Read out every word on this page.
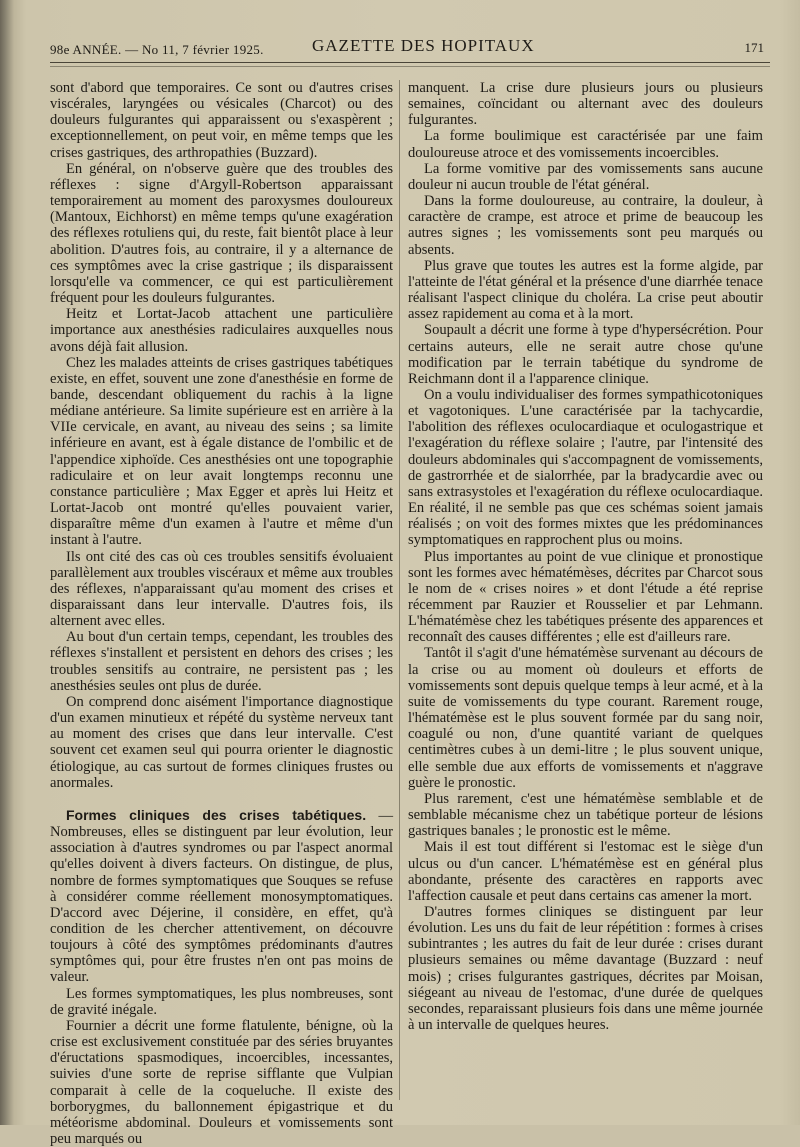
98e ANNÉE. — No 11, 7 février 1925.	GAZETTE DES HOPITAUX	171

sont d'abord que temporaires. Ce sont ou d'autres crises viscérales, laryngées ou vésicales (Charcot) ou des douleurs fulgurantes qui apparaissent ou s'exaspèrent ; exceptionnellement, on peut voir, en même temps que les crises gastriques, des arthropathies (Buzzard).

En général, on n'observe guère que des troubles des réflexes : signe d'Argyll-Robertson apparaissant temporairement au moment des paroxysmes douloureux (Mantoux, Eichhorst) en même temps qu'une exagération des réflexes rotuliens qui, du reste, fait bientôt place à leur abolition. D'autres fois, au contraire, il y a alternance de ces symptômes avec la crise gastrique ; ils disparaissent lorsqu'elle va commencer, ce qui est particulièrement fréquent pour les douleurs fulgurantes.

Heitz et Lortat-Jacob attachent une particulière importance aux anesthésies radiculaires auxquelles nous avons déjà fait allusion.

Chez les malades atteints de crises gastriques tabétiques existe, en effet, souvent une zone d'anesthésie en forme de bande, descendant obliquement du rachis à la ligne médiane antérieure. Sa limite supérieure est en arrière à la VIIe cervicale, en avant, au niveau des seins ; sa limite inférieure en avant, est à égale distance de l'ombilic et de l'appendice xiphoïde. Ces anesthésies ont une topographie radiculaire et on leur avait longtemps reconnu une constance particulière ; Max Egger et après lui Heitz et Lortat-Jacob ont montré qu'elles pouvaient varier, disparaître même d'un examen à l'autre et même d'un instant à l'autre.

Ils ont cité des cas où ces troubles sensitifs évoluaient parallèlement aux troubles viscéraux et même aux troubles des réflexes, n'apparaissant qu'au moment des crises et disparaissant dans leur intervalle. D'autres fois, ils alternent avec elles.

Au bout d'un certain temps, cependant, les troubles des réflexes s'installent et persistent en dehors des crises ; les troubles sensitifs au contraire, ne persistent pas ; les anesthésies seules ont plus de durée.

On comprend donc aisément l'importance diagnostique d'un examen minutieux et répété du système nerveux tant au moment des crises que dans leur intervalle. C'est souvent cet examen seul qui pourra orienter le diagnostic étiologique, au cas surtout de formes cliniques frustes ou anormales.

Formes cliniques des crises tabétiques. — Nombreuses, elles se distinguent par leur évolution, leur association à d'autres syndromes ou par l'aspect anormal qu'elles doivent à divers facteurs. On distingue, de plus, nombre de formes symptomatiques que Souques se refuse à considérer comme réellement monosymptomatiques. D'accord avec Déjerine, il considère, en effet, qu'à condition de les chercher attentivement, on découvre toujours à côté des symptômes prédominants d'autres symptômes qui, pour être frustes n'en ont pas moins de valeur.

Les formes symptomatiques, les plus nombreuses, sont de gravité inégale.

Fournier a décrit une forme flatulente, bénigne, où la crise est exclusivement constituée par des séries bruyantes d'éructations spasmodiques, incoercibles, incessantes, suivies d'une sorte de reprise sifflante que Vulpian comparait à celle de la coqueluche. Il existe des borborygmes, du ballonnement épigastrique et du météorisme abdominal. Douleurs et vomissements sont peu marqués ou

manquent. La crise dure plusieurs jours ou plusieurs semaines, coïncidant ou alternant avec des douleurs fulgurantes.

La forme boulimique est caractérisée par une faim douloureuse atroce et des vomissements incoercibles.

La forme vomitive par des vomissements sans aucune douleur ni aucun trouble de l'état général.

Dans la forme douloureuse, au contraire, la douleur, à caractère de crampe, est atroce et prime de beaucoup les autres signes ; les vomissements sont peu marqués ou absents.

Plus grave que toutes les autres est la forme algide, par l'atteinte de l'état général et la présence d'une diarrhée tenace réalisant l'aspect clinique du choléra. La crise peut aboutir assez rapidement au coma et à la mort.

Soupault a décrit une forme à type d'hypersécrétion. Pour certains auteurs, elle ne serait autre chose qu'une modification par le terrain tabétique du syndrome de Reichmann dont il a l'apparence clinique.

On a voulu individualiser des formes sympathicotoniques et vagotoniques. L'une caractérisée par la tachycardie, l'abolition des réflexes oculocardiaque et oculogastrique et l'exagération du réflexe solaire ; l'autre, par l'intensité des douleurs abdominales qui s'accompagnent de vomissements, de gastrorrhée et de sialorrhée, par la bradycardie avec ou sans extrasystoles et l'exagération du réflexe oculocardiaque. En réalité, il ne semble pas que ces schémas soient jamais réalisés ; on voit des formes mixtes que les prédominances symptomatiques en rapprochent plus ou moins.

Plus importantes au point de vue clinique et pronostique sont les formes avec hématémèses, décrites par Charcot sous le nom de « crises noires » et dont l'étude a été reprise récemment par Rauzier et Rousselier et par Lehmann. L'hématémèse chez les tabétiques présente des apparences et reconnaît des causes différentes ; elle est d'ailleurs rare.

Tantôt il s'agit d'une hématémèse survenant au décours de la crise ou au moment où douleurs et efforts de vomissements sont depuis quelque temps à leur acmé, et à la suite de vomissements du type courant. Rarement rouge, l'hématémèse est le plus souvent formée par du sang noir, coagulé ou non, d'une quantité variant de quelques centimètres cubes à un demi-litre ; le plus souvent unique, elle semble due aux efforts de vomissements et n'aggrave guère le pronostic.

Plus rarement, c'est une hématémèse semblable et de semblable mécanisme chez un tabétique porteur de lésions gastriques banales ; le pronostic est le même.

Mais il est tout différent si l'estomac est le siège d'un ulcus ou d'un cancer. L'hématémèse est en général plus abondante, présente des caractères en rapports avec l'affection causale et peut dans certains cas amener la mort.

D'autres formes cliniques se distinguent par leur évolution. Les uns du fait de leur répétition : formes à crises subintrantes ; les autres du fait de leur durée : crises durant plusieurs semaines ou même davantage (Buzzard : neuf mois) ; crises fulgurantes gastriques, décrites par Moisan, siégeant au niveau de l'estomac, d'une durée de quelques secondes, reparaissant plusieurs fois dans une même journée à un intervalle de quelques heures.
